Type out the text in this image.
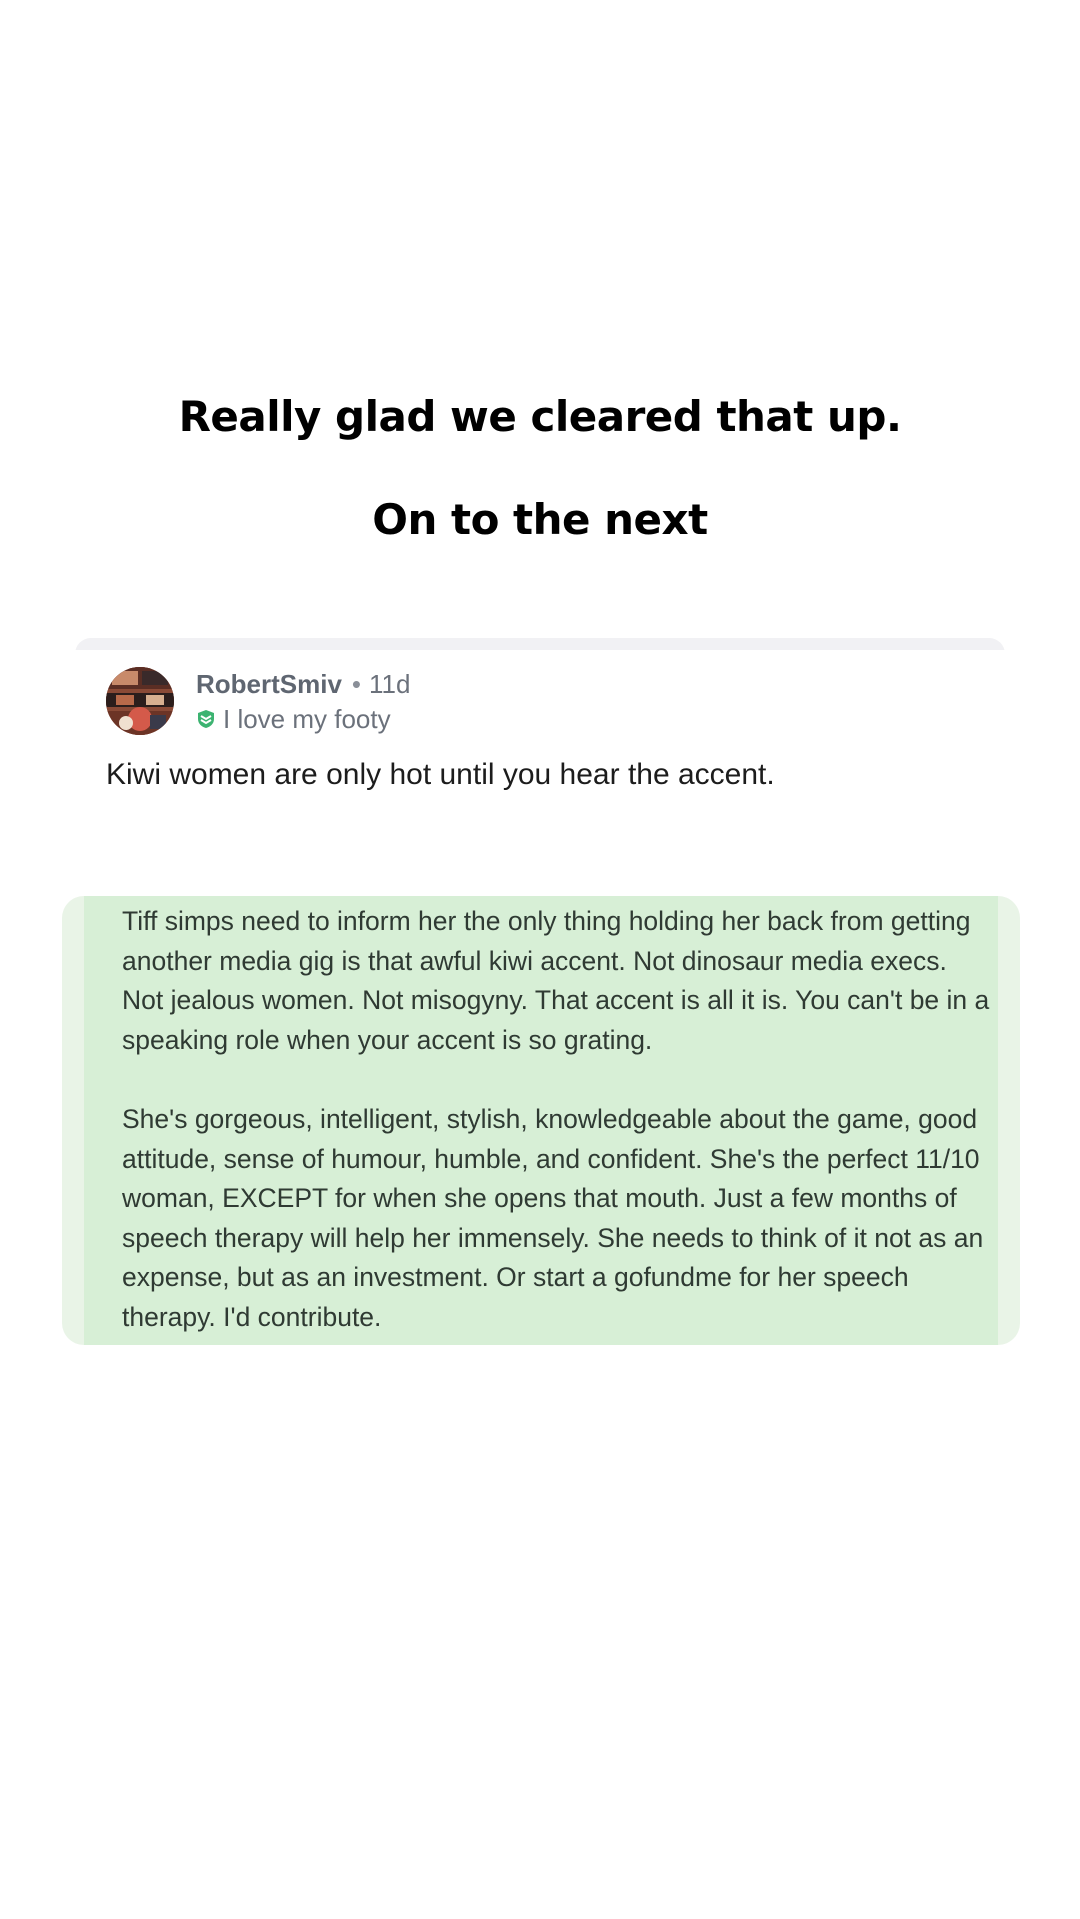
Really glad we cleared that up.
On to the next
RobertSmiv • 11d
I love my footy
Kiwi women are only hot until you hear the accent.

Tiff simps need to inform her the only thing holding her back from getting another media gig is that awful kiwi accent. Not dinosaur media execs. Not jealous women. Not misogyny. That accent is all it is. You can't be in a speaking role when your accent is so grating.

She's gorgeous, intelligent, stylish, knowledgeable about the game, good attitude, sense of humour, humble, and confident. She's the perfect 11/10 woman, EXCEPT for when she opens that mouth. Just a few months of speech therapy will help her immensely. She needs to think of it not as an expense, but as an investment. Or start a gofundme for her speech therapy. I'd contribute.
